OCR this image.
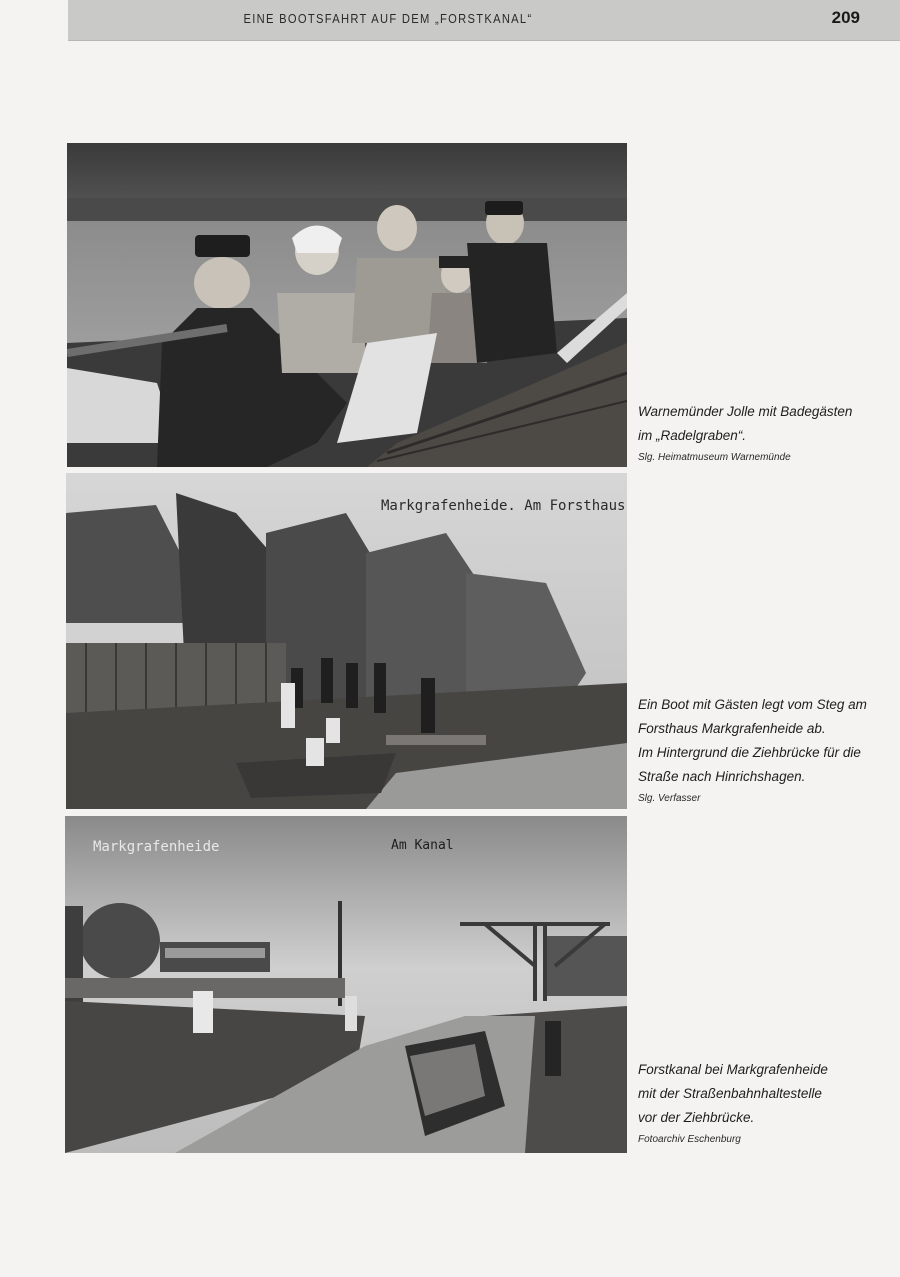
EINE BOOTSFAHRT AUF DEM „FORSTKANAL“	209
Warnemünder Jolle mit Badegästen
im „Radelgraben“.
Slg. Heimatmuseum Warnemünde
Markgrafenheide. Am Forsthaus
Ein Boot mit Gästen legt vom Steg am
Forsthaus Markgrafenheide ab.
Im Hintergrund die Ziehbrücke für die
Straße nach Hinrichshagen.
Slg. Verfasser
Markgrafenheide	Am Kanal
Forstkanal bei Markgrafenheide
mit der Straßenbahnhaltestelle
vor der Ziehbrücke.
Fotoarchiv Eschenburg
